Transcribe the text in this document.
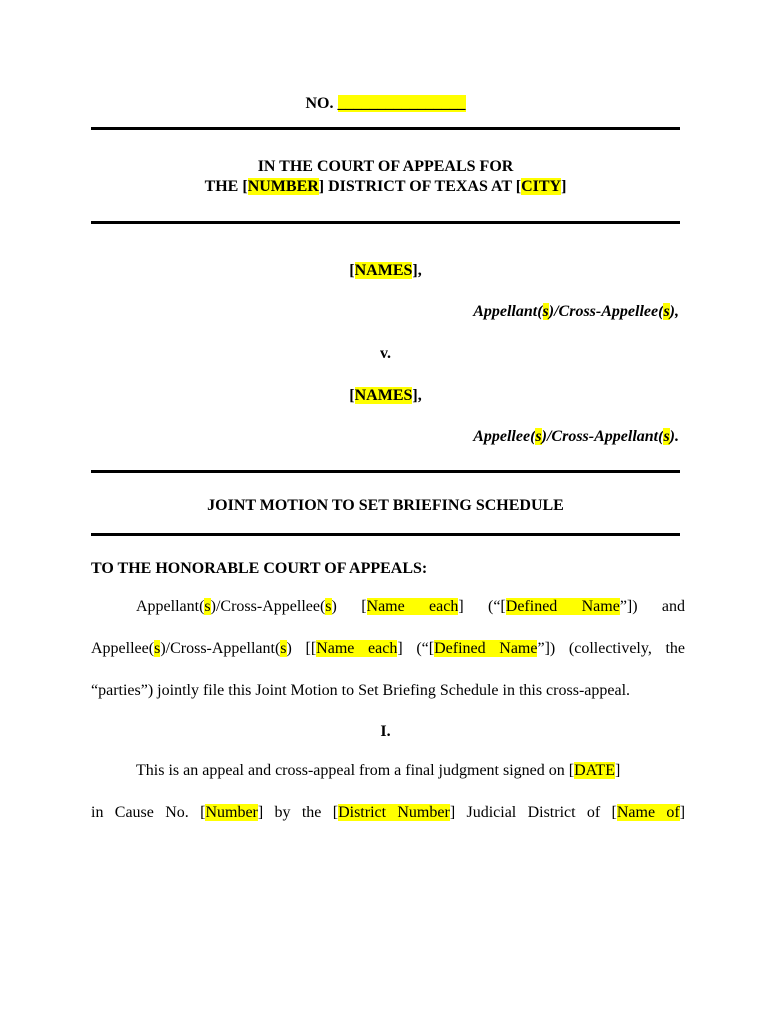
NO. ________________
IN THE COURT OF APPEALS FOR
THE [NUMBER] DISTRICT OF TEXAS AT [CITY]
[NAMES],
Appellant(s)/Cross-Appellee(s),
v.
[NAMES],
Appellee(s)/Cross-Appellant(s).
JOINT MOTION TO SET BRIEFING SCHEDULE
TO THE HONORABLE COURT OF APPEALS:
Appellant(s)/Cross-Appellee(s) [Name each] (“[Defined Name”]) and
Appellee(s)/Cross-Appellant(s) [[Name each] (“[Defined Name”]) (collectively, the
“parties”) jointly file this Joint Motion to Set Briefing Schedule in this cross-appeal.
I.
This is an appeal and cross-appeal from a final judgment signed on [DATE]
in Cause No. [Number] by the [District Number] Judicial District of [Name of]
